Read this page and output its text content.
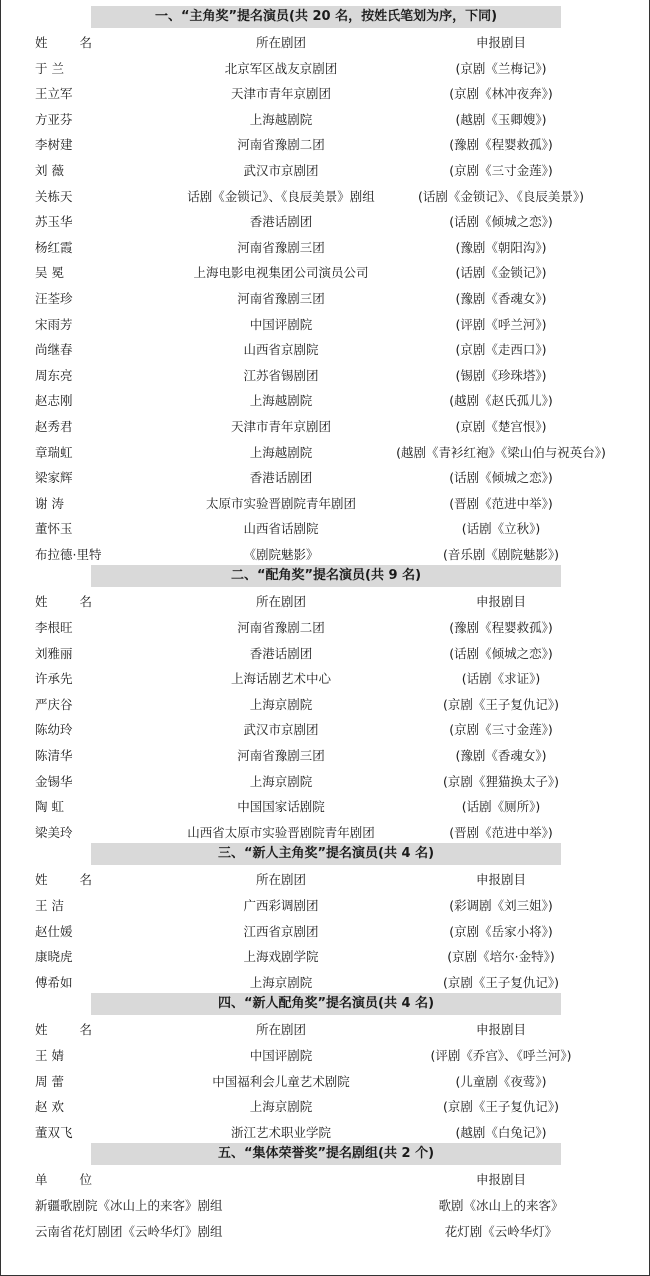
一、“主角奖”提名演员(共 20 名，按姓氏笔划为序，下同)
姓 名	所在剧团	申报剧目
于 兰	北京军区战友京剧团	(京剧《兰梅记》)
王立军	天津市青年京剧团	(京剧《林冲夜奔》)
方亚芬	上海越剧院	(越剧《玉卿嫂》)
李树建	河南省豫剧二团	(豫剧《程婴救孤》)
刘 薇	武汉市京剧团	(京剧《三寸金莲》)
关栋天	话剧《金锁记》、《良辰美景》剧组	(话剧《金锁记》、《良辰美景》)
苏玉华	香港话剧团	(话剧《倾城之恋》)
杨红霞	河南省豫剧三团	(豫剧《朝阳沟》)
吴 冕	上海电影电视集团公司演员公司	(话剧《金锁记》)
汪荃珍	河南省豫剧三团	(豫剧《香魂女》)
宋雨芳	中国评剧院	(评剧《呼兰河》)
尚继春	山西省京剧院	(京剧《走西口》)
周东亮	江苏省锡剧团	(锡剧《珍珠塔》)
赵志刚	上海越剧院	(越剧《赵氏孤儿》)
赵秀君	天津市青年京剧团	(京剧《楚宫恨》)
章瑞虹	上海越剧院	(越剧《青衫红袍》《梁山伯与祝英台》)
梁家辉	香港话剧团	(话剧《倾城之恋》)
谢 涛	太原市实验晋剧院青年剧团	(晋剧《范进中举》)
董怀玉	山西省话剧院	(话剧《立秋》)
布拉德·里特	《剧院魅影》	(音乐剧《剧院魅影》)
二、“配角奖”提名演员(共 9 名)
姓 名	所在剧团	申报剧目
李根旺	河南省豫剧二团	(豫剧《程婴救孤》)
刘雅丽	香港话剧团	(话剧《倾城之恋》)
许承先	上海话剧艺术中心	(话剧《求证》)
严庆谷	上海京剧院	(京剧《王子复仇记》)
陈幼玲	武汉市京剧团	(京剧《三寸金莲》)
陈清华	河南省豫剧三团	(豫剧《香魂女》)
金锡华	上海京剧院	(京剧《狸猫换太子》)
陶 虹	中国国家话剧院	(话剧《厕所》)
梁美玲	山西省太原市实验晋剧院青年剧团	(晋剧《范进中举》)
三、“新人主角奖”提名演员(共 4 名)
姓 名	所在剧团	申报剧目
王 洁	广西彩调剧团	(彩调剧《刘三姐》)
赵仕媛	江西省京剧团	(京剧《岳家小将》)
康晓虎	上海戏剧学院	(京剧《培尔·金特》)
傅希如	上海京剧院	(京剧《王子复仇记》)
四、“新人配角奖”提名演员(共 4 名)
姓 名	所在剧团	申报剧目
王 婧	中国评剧院	(评剧《乔宫》、《呼兰河》)
周 蕾	中国福利会儿童艺术剧院	(儿童剧《夜莺》)
赵 欢	上海京剧院	(京剧《王子复仇记》)
董双飞	浙江艺术职业学院	(越剧《白兔记》)
五、“集体荣誉奖”提名剧组(共 2 个)
单 位	申报剧目
新疆歌剧院《冰山上的来客》剧组	歌剧《冰山上的来客》
云南省花灯剧团《云岭华灯》剧组	花灯剧《云岭华灯》
